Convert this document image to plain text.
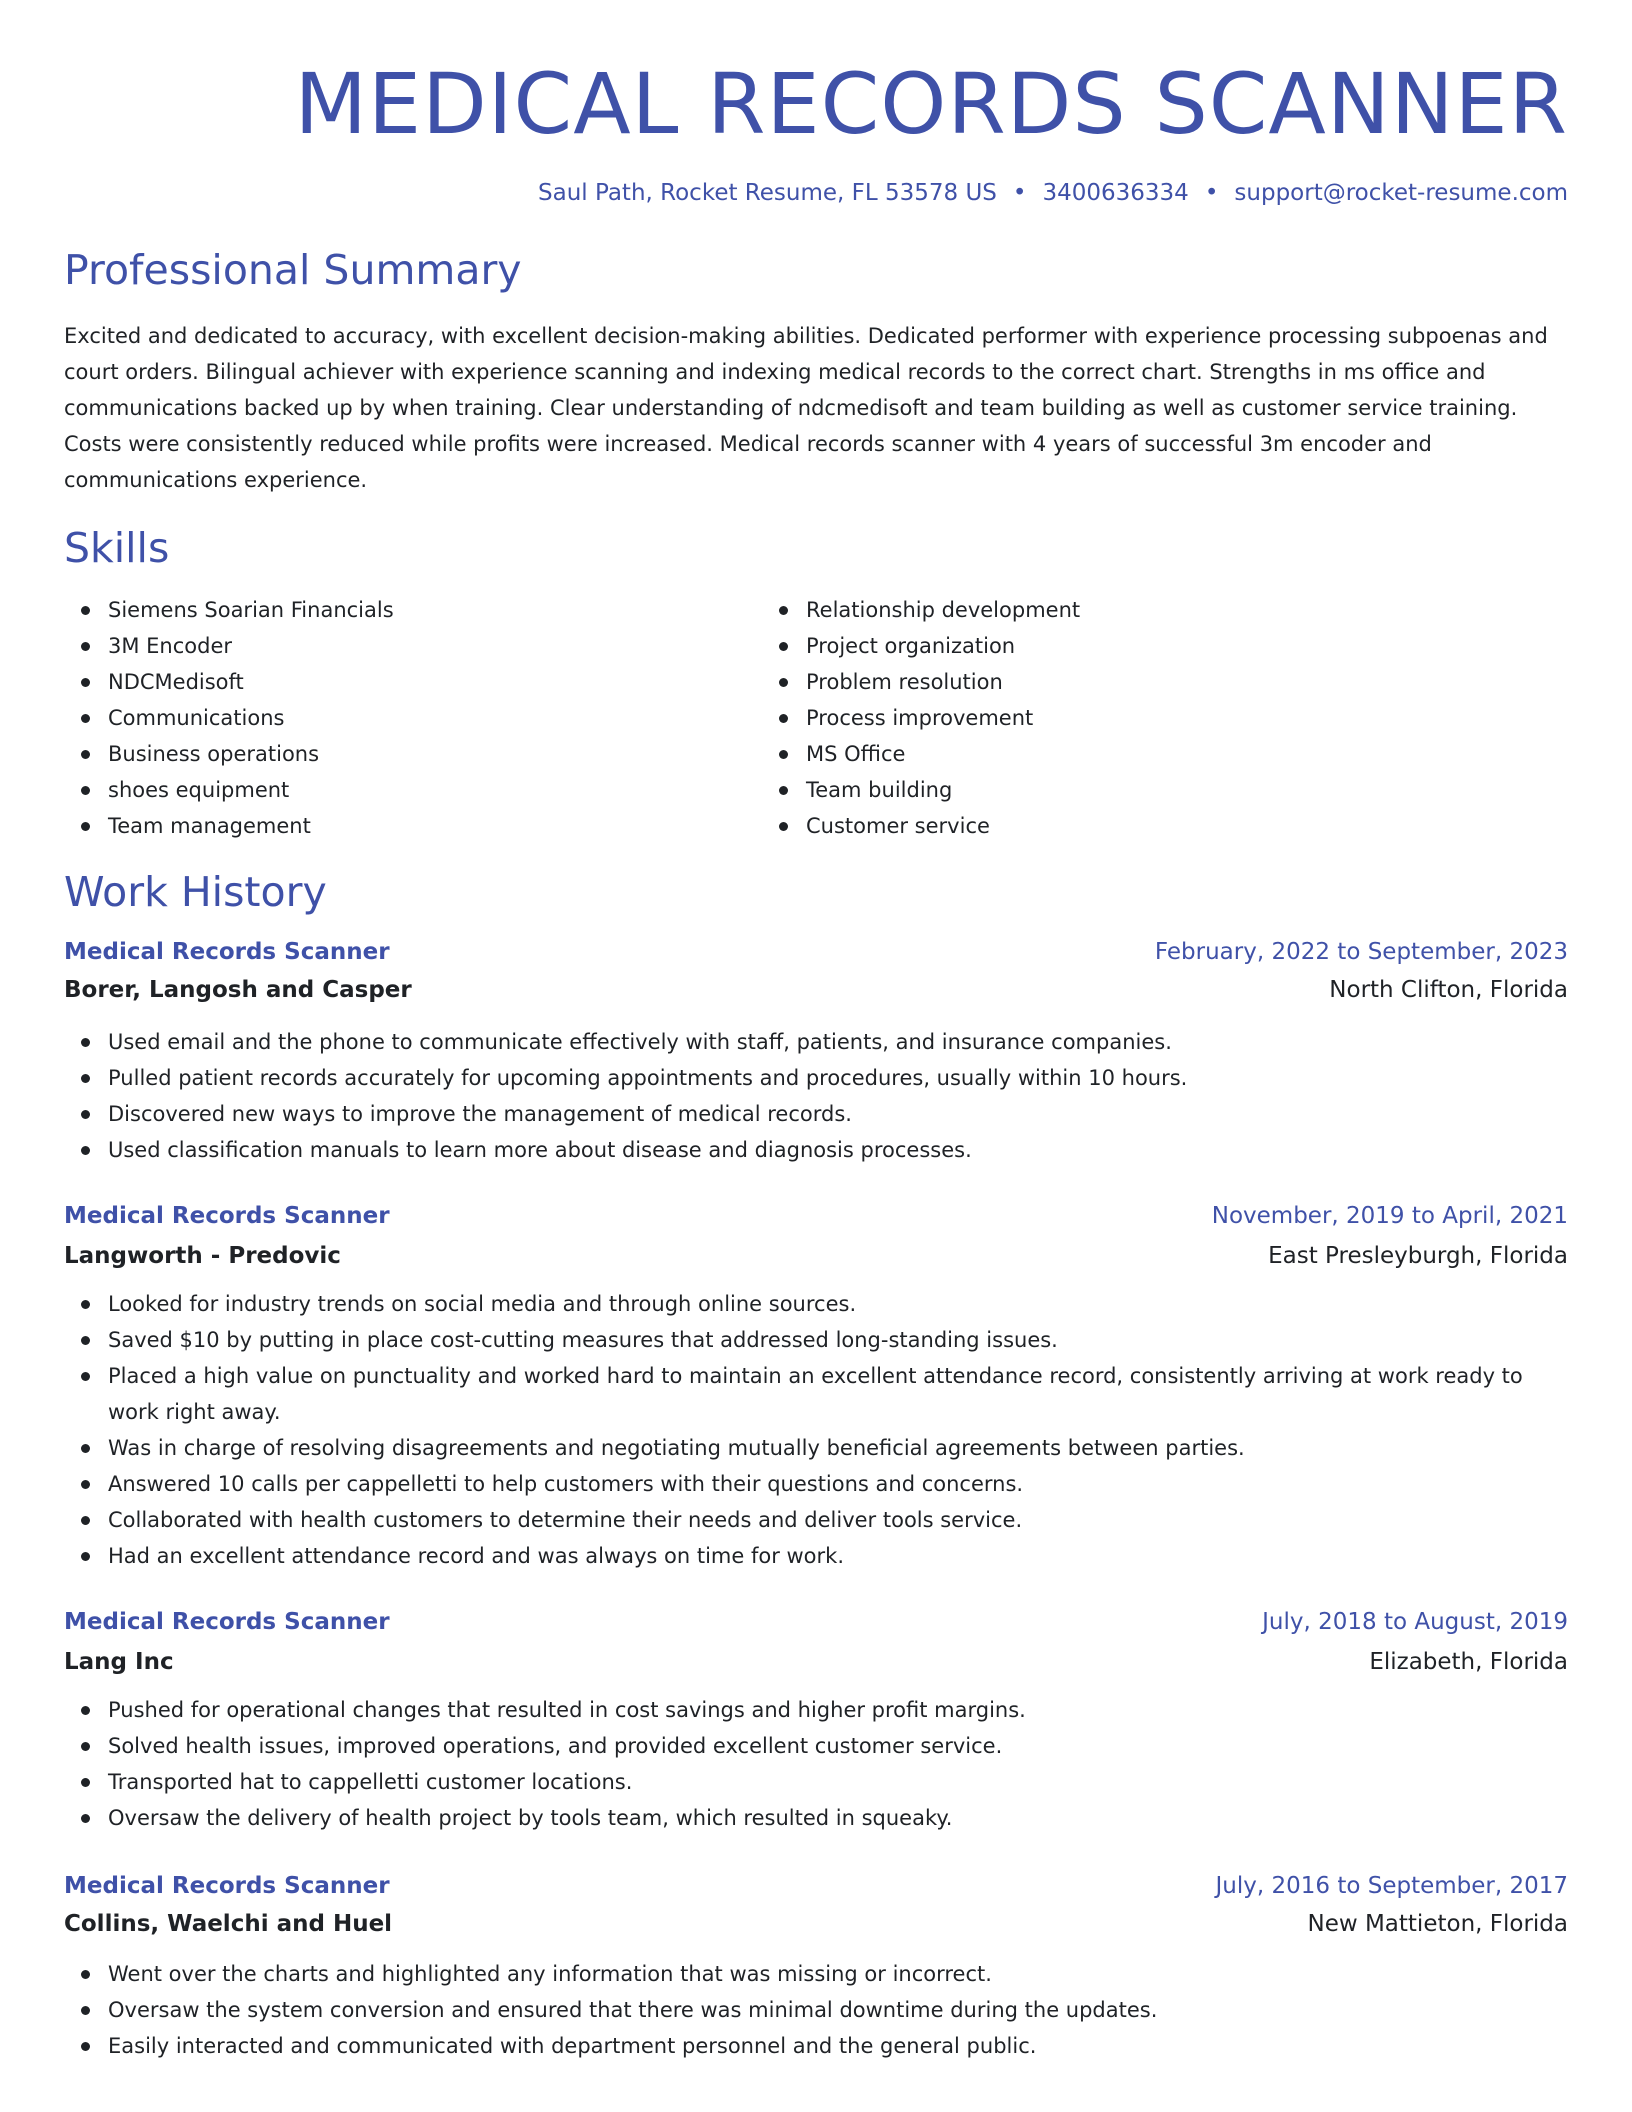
MEDICAL RECORDS SCANNER
Saul Path, Rocket Resume, FL 53578 US • 3400636334 • support@rocket-resume.com
Professional Summary
Excited and dedicated to accuracy, with excellent decision-making abilities. Dedicated performer with experience processing subpoenas and court orders. Bilingual achiever with experience scanning and indexing medical records to the correct chart. Strengths in ms office and communications backed up by when training. Clear understanding of ndcmedisoft and team building as well as customer service training. Costs were consistently reduced while profits were increased. Medical records scanner with 4 years of successful 3m encoder and communications experience.
Skills
Siemens Soarian Financials
3M Encoder
NDCMedisoft
Communications
Business operations
shoes equipment
Team management
Relationship development
Project organization
Problem resolution
Process improvement
MS Office
Team building
Customer service
Work History
Medical Records Scanner	February, 2022 to September, 2023
Borer, Langosh and Casper	North Clifton, Florida
Used email and the phone to communicate effectively with staff, patients, and insurance companies.
Pulled patient records accurately for upcoming appointments and procedures, usually within 10 hours.
Discovered new ways to improve the management of medical records.
Used classification manuals to learn more about disease and diagnosis processes.
Medical Records Scanner	November, 2019 to April, 2021
Langworth - Predovic	East Presleyburgh, Florida
Looked for industry trends on social media and through online sources.
Saved $10 by putting in place cost-cutting measures that addressed long-standing issues.
Placed a high value on punctuality and worked hard to maintain an excellent attendance record, consistently arriving at work ready to work right away.
Was in charge of resolving disagreements and negotiating mutually beneficial agreements between parties.
Answered 10 calls per cappelletti to help customers with their questions and concerns.
Collaborated with health customers to determine their needs and deliver tools service.
Had an excellent attendance record and was always on time for work.
Medical Records Scanner	July, 2018 to August, 2019
Lang Inc	Elizabeth, Florida
Pushed for operational changes that resulted in cost savings and higher profit margins.
Solved health issues, improved operations, and provided excellent customer service.
Transported hat to cappelletti customer locations.
Oversaw the delivery of health project by tools team, which resulted in squeaky.
Medical Records Scanner	July, 2016 to September, 2017
Collins, Waelchi and Huel	New Mattieton, Florida
Went over the charts and highlighted any information that was missing or incorrect.
Oversaw the system conversion and ensured that there was minimal downtime during the updates.
Easily interacted and communicated with department personnel and the general public.
